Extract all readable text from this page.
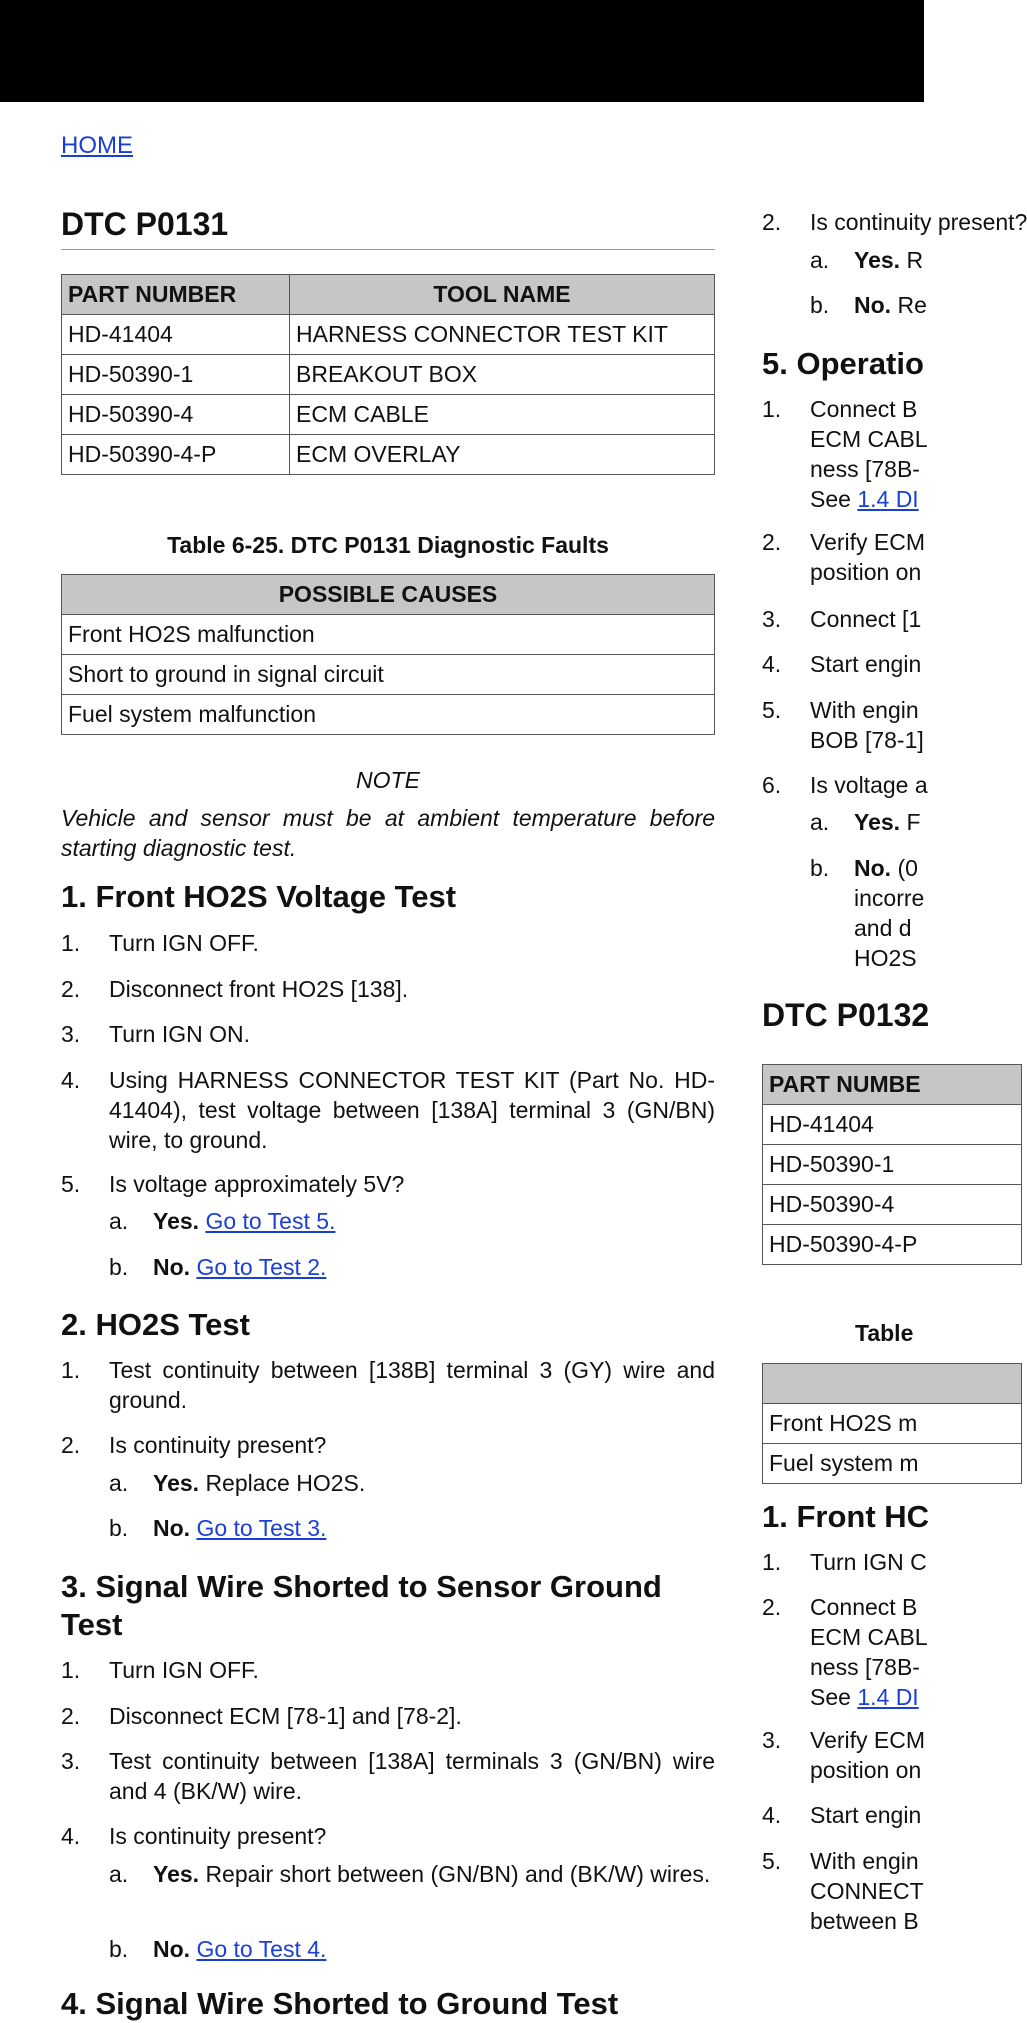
HOME
DTC P0131
PART NUMBER	TOOL NAME
HD-41404	HARNESS CONNECTOR TEST KIT
HD-50390-1	BREAKOUT BOX
HD-50390-4	ECM CABLE
HD-50390-4-P	ECM OVERLAY
Table 6-25. DTC P0131 Diagnostic Faults
POSSIBLE CAUSES
Front HO2S malfunction
Short to ground in signal circuit
Fuel system malfunction
NOTE
Vehicle and sensor must be at ambient temperature before starting diagnostic test.
1. Front HO2S Voltage Test
1.	Turn IGN OFF.
2.	Disconnect front HO2S [138].
3.	Turn IGN ON.
4.	Using HARNESS CONNECTOR TEST KIT (Part No. HD-41404), test voltage between [138A] terminal 3 (GN/BN) wire, to ground.
5.	Is voltage approximately 5V?
a.	Yes. Go to Test 5.
b.	No. Go to Test 2.
2. HO2S Test
1.	Test continuity between [138B] terminal 3 (GY) wire and ground.
2.	Is continuity present?
a.	Yes. Replace HO2S.
b.	No. Go to Test 3.
3. Signal Wire Shorted to Sensor Ground Test
1.	Turn IGN OFF.
2.	Disconnect ECM [78-1] and [78-2].
3.	Test continuity between [138A] terminals 3 (GN/BN) wire and 4 (BK/W) wire.
4.	Is continuity present?
a.	Yes. Repair short between (GN/BN) and (BK/W) wires.
b.	No. Go to Test 4.
4. Signal Wire Shorted to Ground Test
2.	Is continuity present?
a.	Yes. R
b.	No. Re
5. Operatio
1.	Connect B
ECM CABL
ness [78B-
See 1.4 DI
2.	Verify ECM
position on
3.	Connect [1
4.	Start engin
5.	With engin
BOB [78-1]
6.	Is voltage a
a.	Yes. F
b.	No. (0
incorre
and d
HO2S
DTC P0132
PART NUMBE
HD-41404
HD-50390-1
HD-50390-4
HD-50390-4-P
Table

Front HO2S m
Fuel system m
1. Front HC
1.	Turn IGN C
2.	Connect B
ECM CABL
ness [78B-
See 1.4 DI
3.	Verify ECM
position on
4.	Start engin
5.	With engin
CONNECT
between B
